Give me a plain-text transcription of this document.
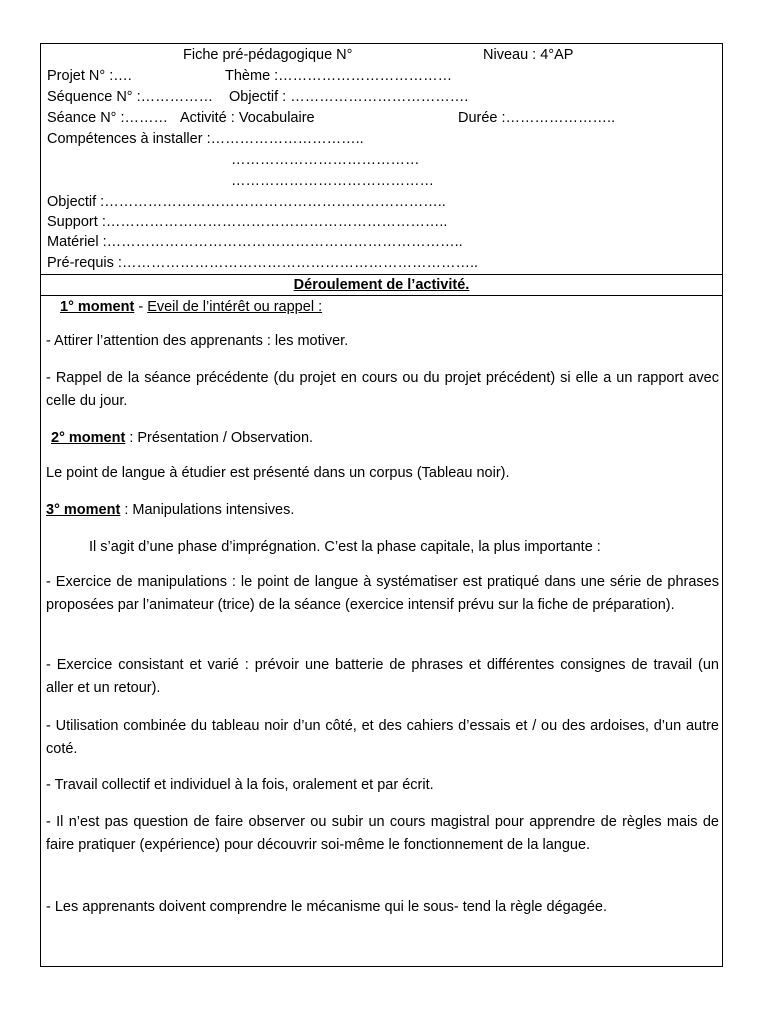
Fiche pré-pédagogique N°	Niveau : 4°AP
Projet N° :….	Thème :………………………………
Séquence N° :…………… Objectif : ……………………………….
Séance N° :……… Activité : Vocabulaire	Durée :…………………..
Compétences à installer :…………………………..
…………………………………
……………………………………
Objectif :……………………………………………………………..
Support :……………………………………………………………..
Matériel :………………………………………………………………..
Pré-requis :………………………………………………………………..
Déroulement de l’activité.
1° moment - Eveil de l’intérêt ou rappel :
- Attirer l’attention des apprenants : les motiver.
- Rappel de la séance précédente (du projet en cours ou du projet précédent) si elle a un rapport avec celle du jour.
2° moment : Présentation / Observation.
Le point de langue à étudier est présenté dans un corpus (Tableau noir).
3° moment : Manipulations intensives.
Il s’agit d’une phase d’imprégnation. C’est la phase capitale, la plus importante :
- Exercice de manipulations : le point de langue à systématiser est pratiqué dans une série de phrases proposées par l’animateur (trice) de la séance (exercice intensif prévu sur la fiche de préparation).
- Exercice consistant et varié : prévoir une batterie de phrases et différentes consignes de travail (un aller et un retour).
- Utilisation combinée du tableau noir d’un côté, et des cahiers d’essais et / ou des ardoises, d’un autre coté.
- Travail collectif et individuel à la fois, oralement et par écrit.
- Il n’est pas question de faire observer ou subir un cours magistral pour apprendre de règles mais de faire pratiquer (expérience) pour découvrir soi-même le fonctionnement de la langue.
- Les apprenants doivent comprendre le mécanisme qui le sous- tend la règle dégagée.
